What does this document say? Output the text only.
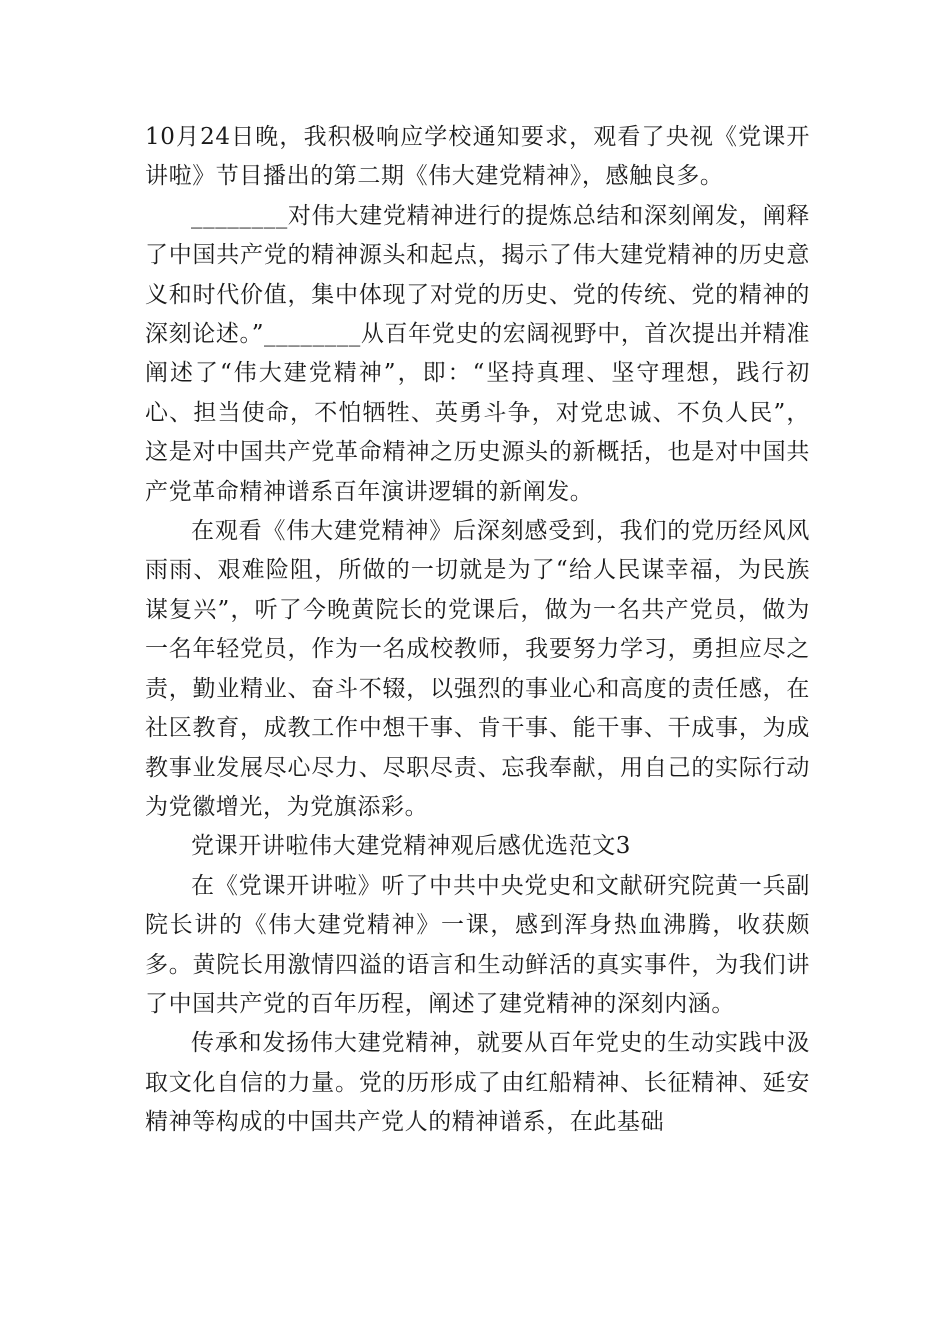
10月24日晚，我积极响应学校通知要求，观看了央视《党课开讲啦》节目播出的第二期《伟大建党精神》，感触良多。

________对伟大建党精神进行的提炼总结和深刻阐发，阐释了中国共产党的精神源头和起点，揭示了伟大建党精神的历史意义和时代价值，集中体现了对党的历史、党的传统、党的精神的深刻论述。”________从百年党史的宏阔视野中，首次提出并精准阐述了“伟大建党精神”，即：“坚持真理、坚守理想，践行初心、担当使命，不怕牺牲、英勇斗争，对党忠诚、不负人民”，这是对中国共产党革命精神之历史源头的新概括，也是对中国共产党革命精神谱系百年演讲逻辑的新阐发。

在观看《伟大建党精神》后深刻感受到，我们的党历经风风雨雨、艰难险阻，所做的一切就是为了“给人民谋幸福，为民族谋复兴”，听了今晚黄院长的党课后，做为一名共产党员，做为一名年轻党员，作为一名成校教师，我要努力学习，勇担应尽之责，勤业精业、奋斗不辍，以强烈的事业心和高度的责任感，在社区教育，成教工作中想干事、肯干事、能干事、干成事，为成教事业发展尽心尽力、尽职尽责、忘我奉献，用自己的实际行动为党徽增光，为党旗添彩。

党课开讲啦伟大建党精神观后感优选范文3

在《党课开讲啦》听了中共中央党史和文献研究院黄一兵副院长讲的《伟大建党精神》一课，感到浑身热血沸腾，收获颇多。黄院长用激情四溢的语言和生动鲜活的真实事件，为我们讲了中国共产党的百年历程，阐述了建党精神的深刻内涵。

传承和发扬伟大建党精神，就要从百年党史的生动实践中汲取文化自信的力量。党的历形成了由红船精神、长征精神、延安精神等构成的中国共产党人的精神谱系，在此基础
